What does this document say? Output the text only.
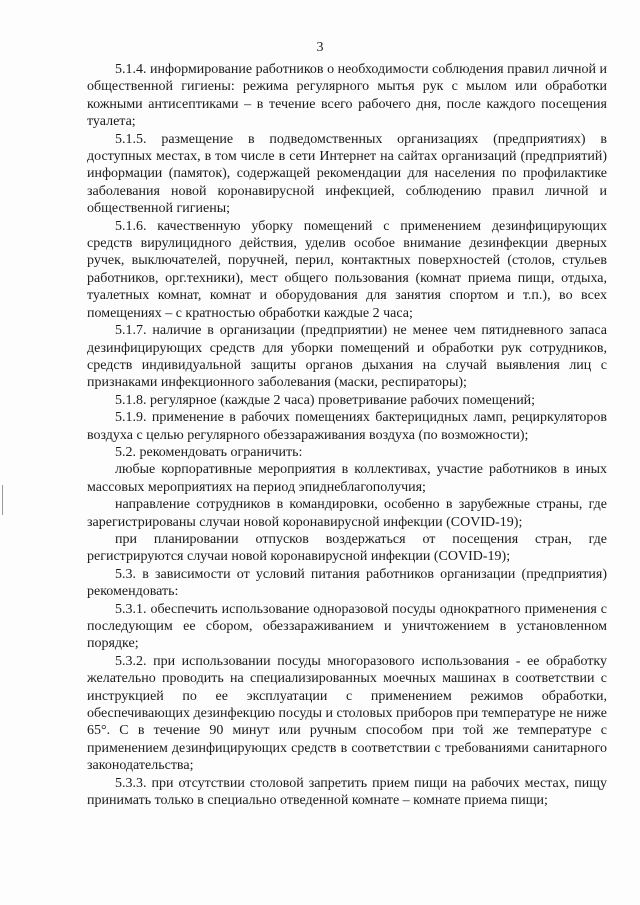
3

5.1.4. информирование работников о необходимости соблюдения правил личной и общественной гигиены: режима регулярного мытья рук с мылом или обработки кожными антисептиками – в течение всего рабочего дня, после каждого посещения туалета;

5.1.5. размещение в подведомственных организациях (предприятиях) в доступных местах, в том числе в сети Интернет на сайтах организаций (предприятий) информации (памяток), содержащей рекомендации для населения по профилактике заболевания новой коронавирусной инфекцией, соблюдению правил личной и общественной гигиены;

5.1.6. качественную уборку помещений с применением дезинфицирующих средств вирулицидного действия, уделив особое внимание дезинфекции дверных ручек, выключателей, поручней, перил, контактных поверхностей (столов, стульев работников, орг.техники), мест общего пользования (комнат приема пищи, отдыха, туалетных комнат, комнат и оборудования для занятия спортом и т.п.), во всех помещениях – с кратностью обработки каждые 2 часа;

5.1.7. наличие в организации (предприятии) не менее чем пятидневного запаса дезинфицирующих средств для уборки помещений и обработки рук сотрудников, средств индивидуальной защиты органов дыхания на случай выявления лиц с признаками инфекционного заболевания (маски, респираторы);

5.1.8. регулярное (каждые 2 часа) проветривание рабочих помещений;

5.1.9. применение в рабочих помещениях бактерицидных ламп, рециркуляторов воздуха с целью регулярного обеззараживания воздуха (по возможности);

5.2. рекомендовать ограничить:

любые корпоративные мероприятия в коллективах, участие работников в иных массовых мероприятиях на период эпиднеблагополучия;

направление сотрудников в командировки, особенно в зарубежные страны, где зарегистрированы случаи новой коронавирусной инфекции (COVID-19);

при планировании отпусков воздержаться от посещения стран, где регистрируются случаи новой коронавирусной инфекции (COVID-19);

5.3. в зависимости от условий питания работников организации (предприятия) рекомендовать:

5.3.1. обеспечить использование одноразовой посуды однократного применения с последующим ее сбором, обеззараживанием и уничтожением в установленном порядке;

5.3.2. при использовании посуды многоразового использования - ее обработку желательно проводить на специализированных моечных машинах в соответствии с инструкцией по ее эксплуатации с применением режимов обработки, обеспечивающих дезинфекцию посуды и столовых приборов при температуре не ниже 65°. С в течение 90 минут или ручным способом при той же температуре с применением дезинфицирующих средств в соответствии с требованиями санитарного законодательства;

5.3.3. при отсутствии столовой запретить прием пищи на рабочих местах, пищу принимать только в специально отведенной комнате – комнате приема пищи;
